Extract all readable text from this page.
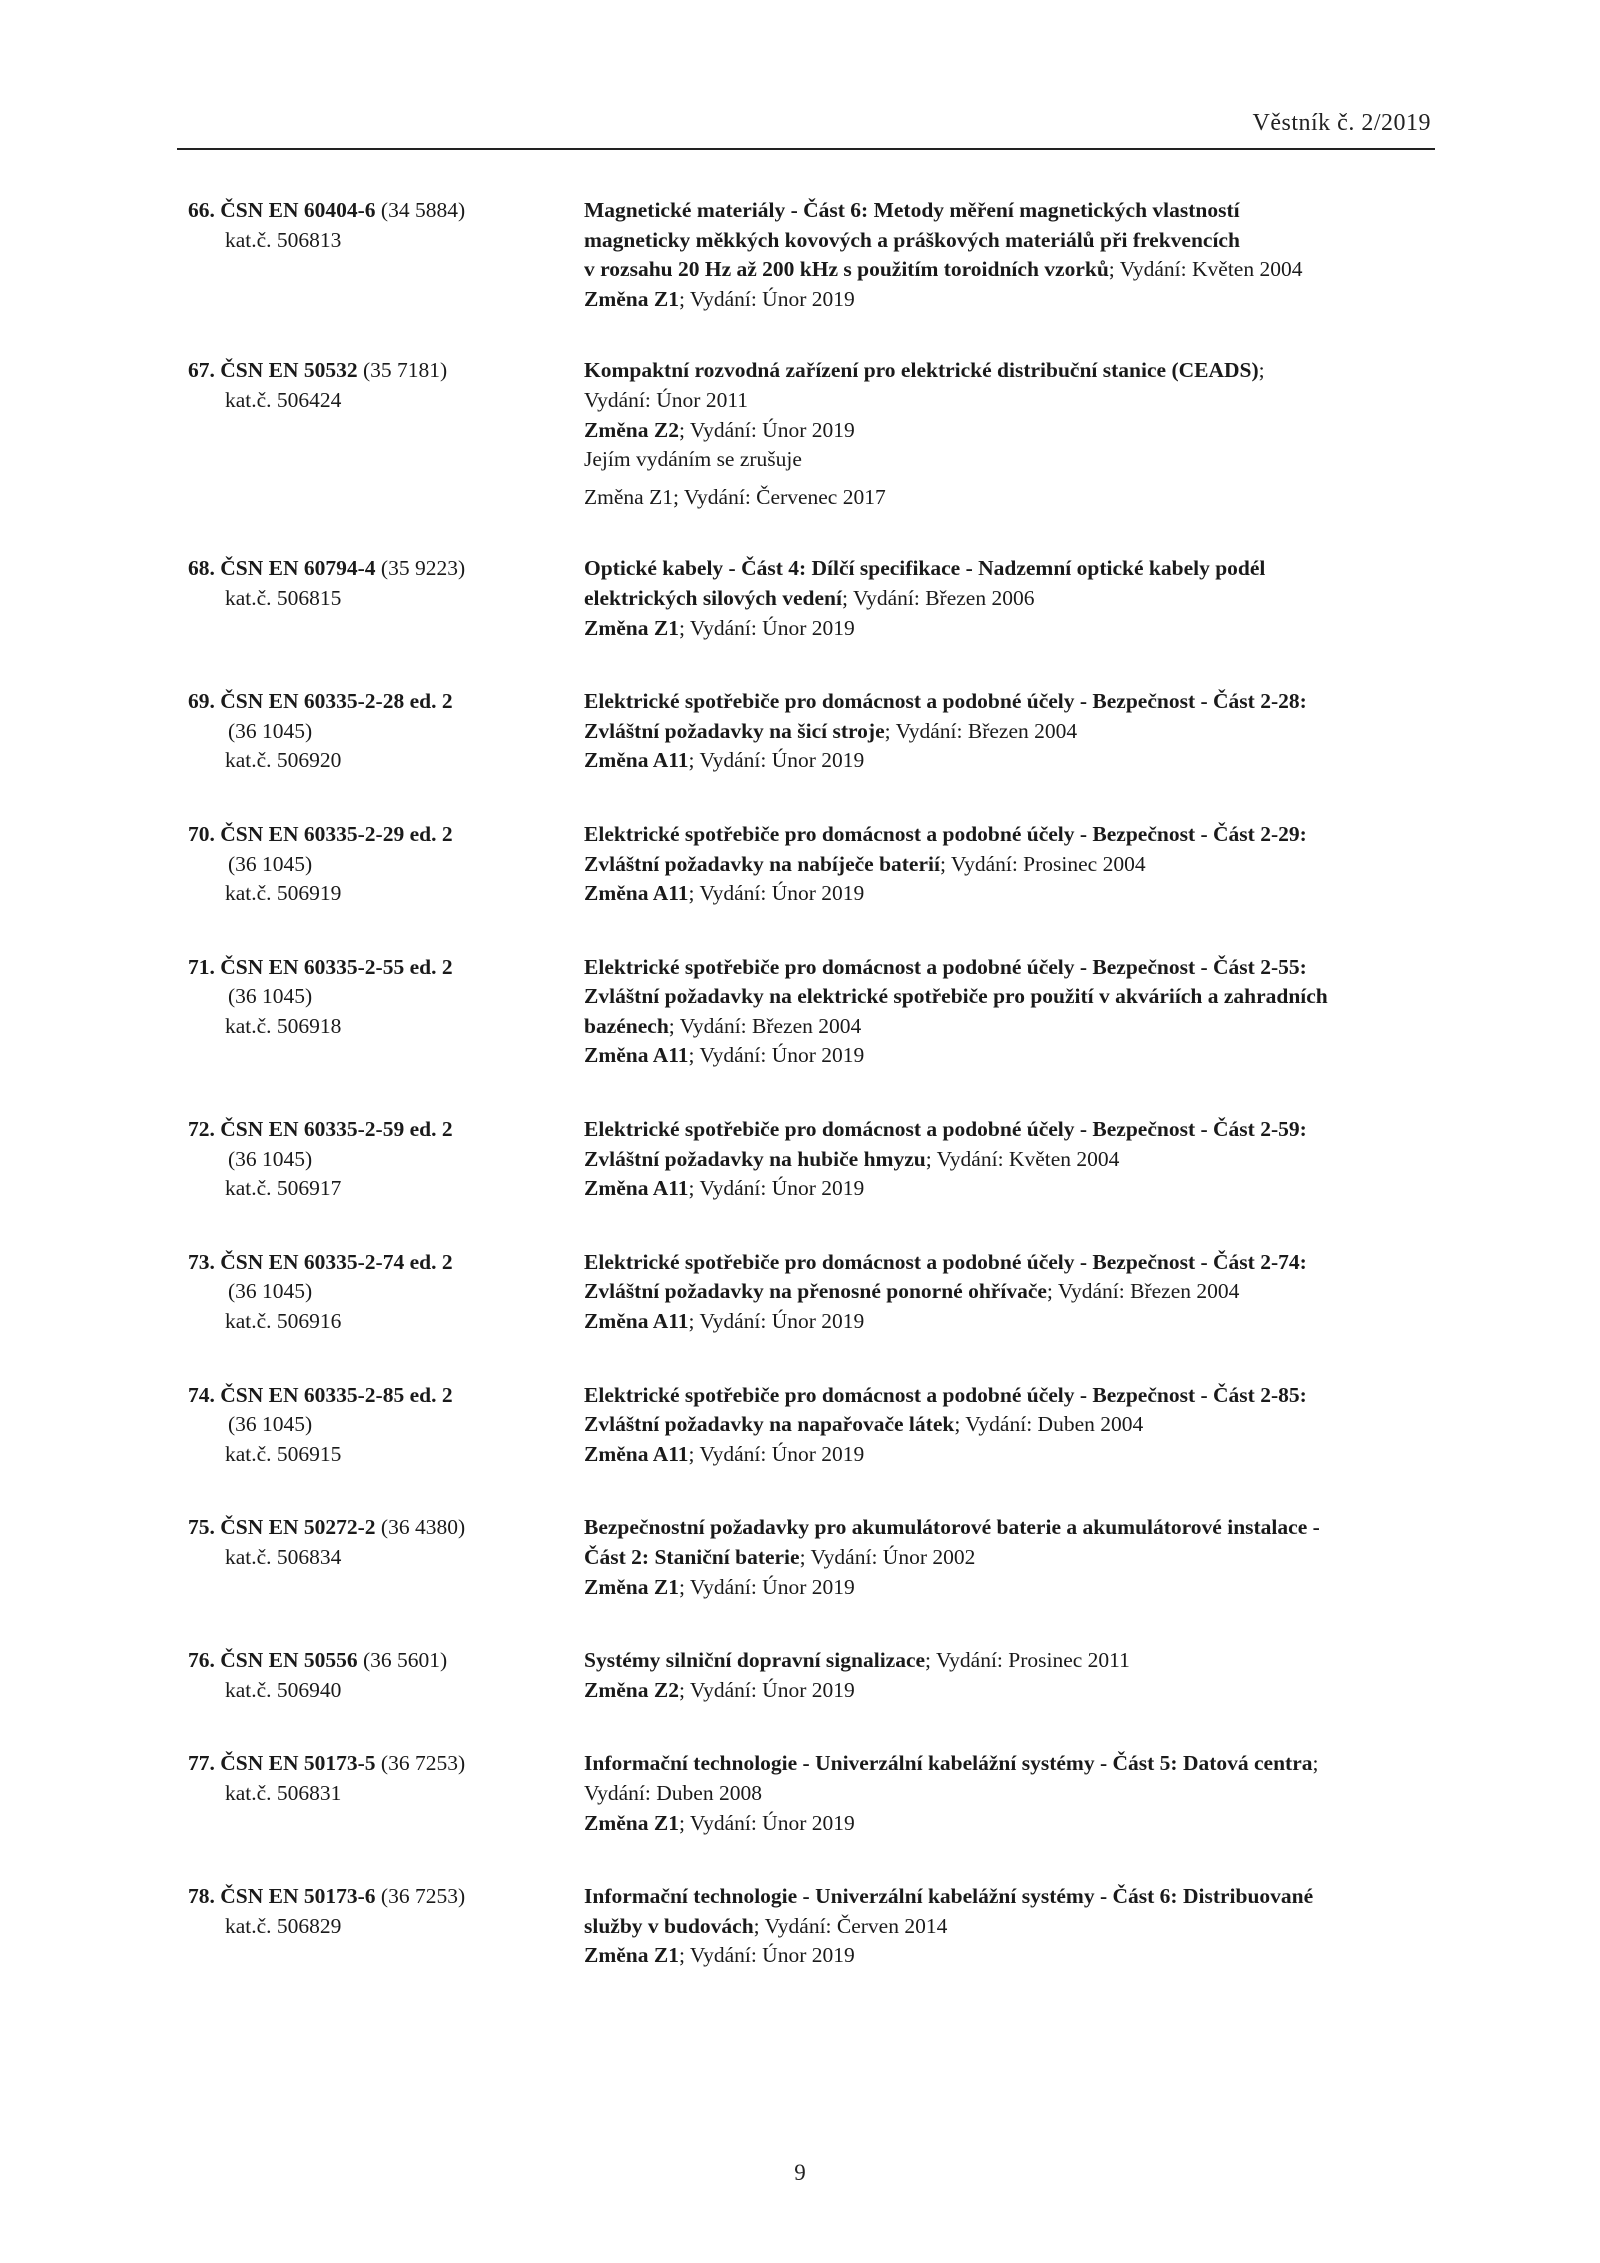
Věstník č. 2/2019
66. ČSN EN 60404-6 (34 5884)
kat.č. 506813
Magnetické materiály - Část 6: Metody měření magnetických vlastností
magneticky měkkých kovových a práškových materiálů při frekvencích
v rozsahu 20 Hz až 200 kHz s použitím toroidních vzorků; Vydání: Květen 2004
Změna Z1; Vydání: Únor 2019
67. ČSN EN 50532 (35 7181)
kat.č. 506424
Kompaktní rozvodná zařízení pro elektrické distribuční stanice (CEADS);
Vydání: Únor 2011
Změna Z2; Vydání: Únor 2019
Jejím vydáním se zrušuje
Změna Z1; Vydání: Červenec 2017
68. ČSN EN 60794-4 (35 9223)
kat.č. 506815
Optické kabely - Část 4: Dílčí specifikace - Nadzemní optické kabely podél
elektrických silových vedení; Vydání: Březen 2006
Změna Z1; Vydání: Únor 2019
69. ČSN EN 60335-2-28 ed. 2
(36 1045)
kat.č. 506920
Elektrické spotřebiče pro domácnost a podobné účely - Bezpečnost - Část 2-28:
Zvláštní požadavky na šicí stroje; Vydání: Březen 2004
Změna A11; Vydání: Únor 2019
70. ČSN EN 60335-2-29 ed. 2
(36 1045)
kat.č. 506919
Elektrické spotřebiče pro domácnost a podobné účely - Bezpečnost - Část 2-29:
Zvláštní požadavky na nabíječe baterií; Vydání: Prosinec 2004
Změna A11; Vydání: Únor 2019
71. ČSN EN 60335-2-55 ed. 2
(36 1045)
kat.č. 506918
Elektrické spotřebiče pro domácnost a podobné účely - Bezpečnost - Část 2-55:
Zvláštní požadavky na elektrické spotřebiče pro použití v akváriích a zahradních
bazénech; Vydání: Březen 2004
Změna A11; Vydání: Únor 2019
72. ČSN EN 60335-2-59 ed. 2
(36 1045)
kat.č. 506917
Elektrické spotřebiče pro domácnost a podobné účely - Bezpečnost - Část 2-59:
Zvláštní požadavky na hubiče hmyzu; Vydání: Květen 2004
Změna A11; Vydání: Únor 2019
73. ČSN EN 60335-2-74 ed. 2
(36 1045)
kat.č. 506916
Elektrické spotřebiče pro domácnost a podobné účely - Bezpečnost - Část 2-74:
Zvláštní požadavky na přenosné ponorné ohřívače; Vydání: Březen 2004
Změna A11; Vydání: Únor 2019
74. ČSN EN 60335-2-85 ed. 2
(36 1045)
kat.č. 506915
Elektrické spotřebiče pro domácnost a podobné účely - Bezpečnost - Část 2-85:
Zvláštní požadavky na napařovače látek; Vydání: Duben 2004
Změna A11; Vydání: Únor 2019
75. ČSN EN 50272-2 (36 4380)
kat.č. 506834
Bezpečnostní požadavky pro akumulátorové baterie a akumulátorové instalace -
Část 2: Staniční baterie; Vydání: Únor 2002
Změna Z1; Vydání: Únor 2019
76. ČSN EN 50556 (36 5601)
kat.č. 506940
Systémy silniční dopravní signalizace; Vydání: Prosinec 2011
Změna Z2; Vydání: Únor 2019
77. ČSN EN 50173-5 (36 7253)
kat.č. 506831
Informační technologie - Univerzální kabelážní systémy - Část 5: Datová centra;
Vydání: Duben 2008
Změna Z1; Vydání: Únor 2019
78. ČSN EN 50173-6 (36 7253)
kat.č. 506829
Informační technologie - Univerzální kabelážní systémy - Část 6: Distribuované
služby v budovách; Vydání: Červen 2014
Změna Z1; Vydání: Únor 2019
9
